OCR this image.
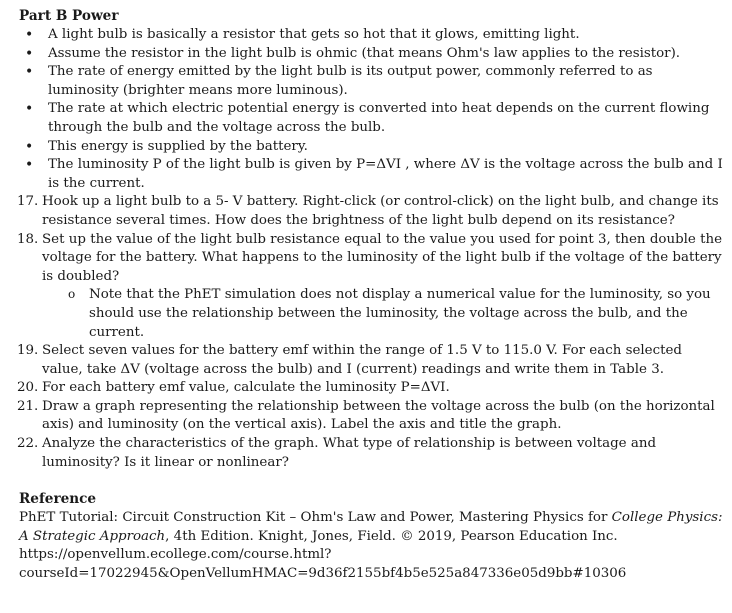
Part B Power
• A light bulb is basically a resistor that gets so hot that it glows, emitting light.
• Assume the resistor in the light bulb is ohmic (that means Ohm's law applies to the resistor).
• The rate of energy emitted by the light bulb is its output power, commonly referred to as luminosity (brighter means more luminous).
• The rate at which electric potential energy is converted into heat depends on the current flowing through the bulb and the voltage across the bulb.
• This energy is supplied by the battery.
• The luminosity P of the light bulb is given by P=ΔVI , where ΔV is the voltage across the bulb and I is the current.
17. Hook up a light bulb to a 5- V battery. Right-click (or control-click) on the light bulb, and change its resistance several times. How does the brightness of the light bulb depend on its resistance?
18. Set up the value of the light bulb resistance equal to the value you used for point 3, then double the voltage for the battery. What happens to the luminosity of the light bulb if the voltage of the battery is doubled?
o Note that the PhET simulation does not display a numerical value for the luminosity, so you should use the relationship between the luminosity, the voltage across the bulb, and the current.
19. Select seven values for the battery emf within the range of 1.5 V to 115.0 V. For each selected value, take ΔV (voltage across the bulb) and I (current) readings and write them in Table 3.
20. For each battery emf value, calculate the luminosity P=ΔVI.
21. Draw a graph representing the relationship between the voltage across the bulb (on the horizontal axis) and luminosity (on the vertical axis). Label the axis and title the graph.
22. Analyze the characteristics of the graph. What type of relationship is between voltage and luminosity? Is it linear or nonlinear?
Reference

PhET Tutorial: Circuit Construction Kit – Ohm's Law and Power, Mastering Physics for College Physics: A Strategic Approach, 4th Edition. Knight, Jones, Field. © 2019, Pearson Education Inc.

https://openvellum.ecollege.com/course.html?
courseId=17022945&OpenVellumHMAC=9d36f2155bf4b5e525a847336e05d9bb#10306
